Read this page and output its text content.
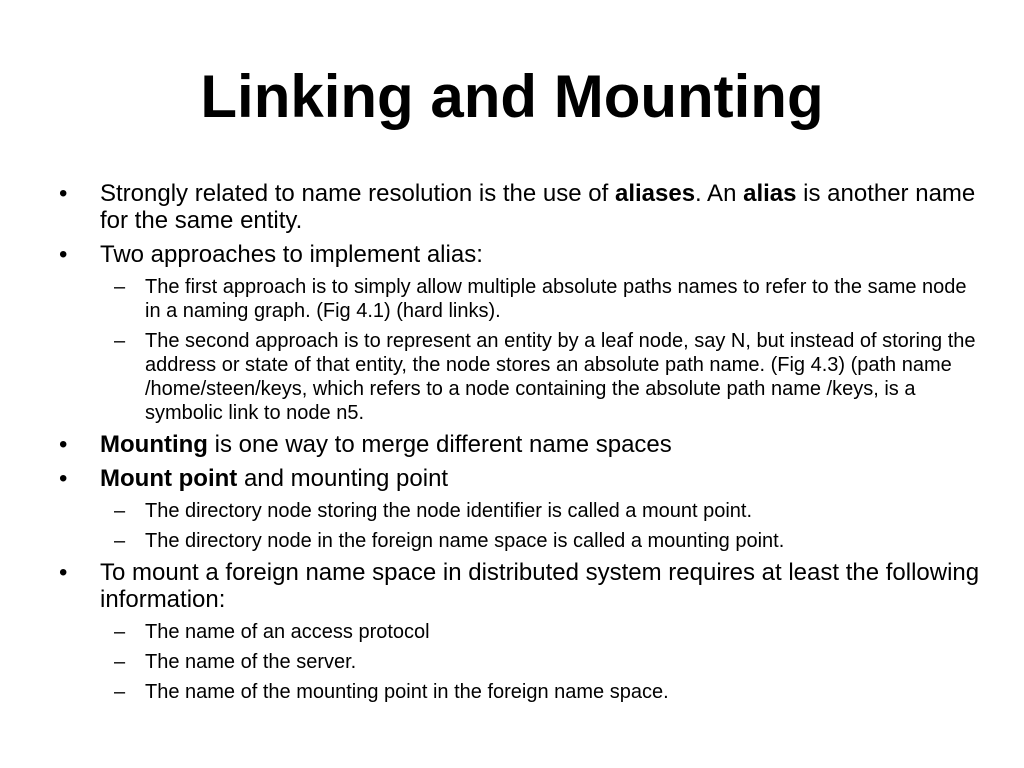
Linking and Mounting
• Strongly related to name resolution is the use of aliases. An alias is another name for the same entity.
• Two approaches to implement alias:
– The first approach is to simply allow multiple absolute paths names to refer to the same node in a naming graph. (Fig 4.1) (hard links).
– The second approach is to represent an entity by a leaf node, say N, but instead of storing the address or state of that entity, the node stores an absolute path name. (Fig 4.3) (path name /home/steen/keys, which refers to a node containing the absolute path name /keys, is a symbolic link to node n5.
• Mounting is one way to merge different name spaces
• Mount point and mounting point
– The directory node storing the node identifier is called a mount point.
– The directory node in the foreign name space is called a mounting point.
• To mount a foreign name space in distributed system requires at least the following information:
– The name of an access protocol
– The name of the server.
– The name of the mounting point in the foreign name space.
